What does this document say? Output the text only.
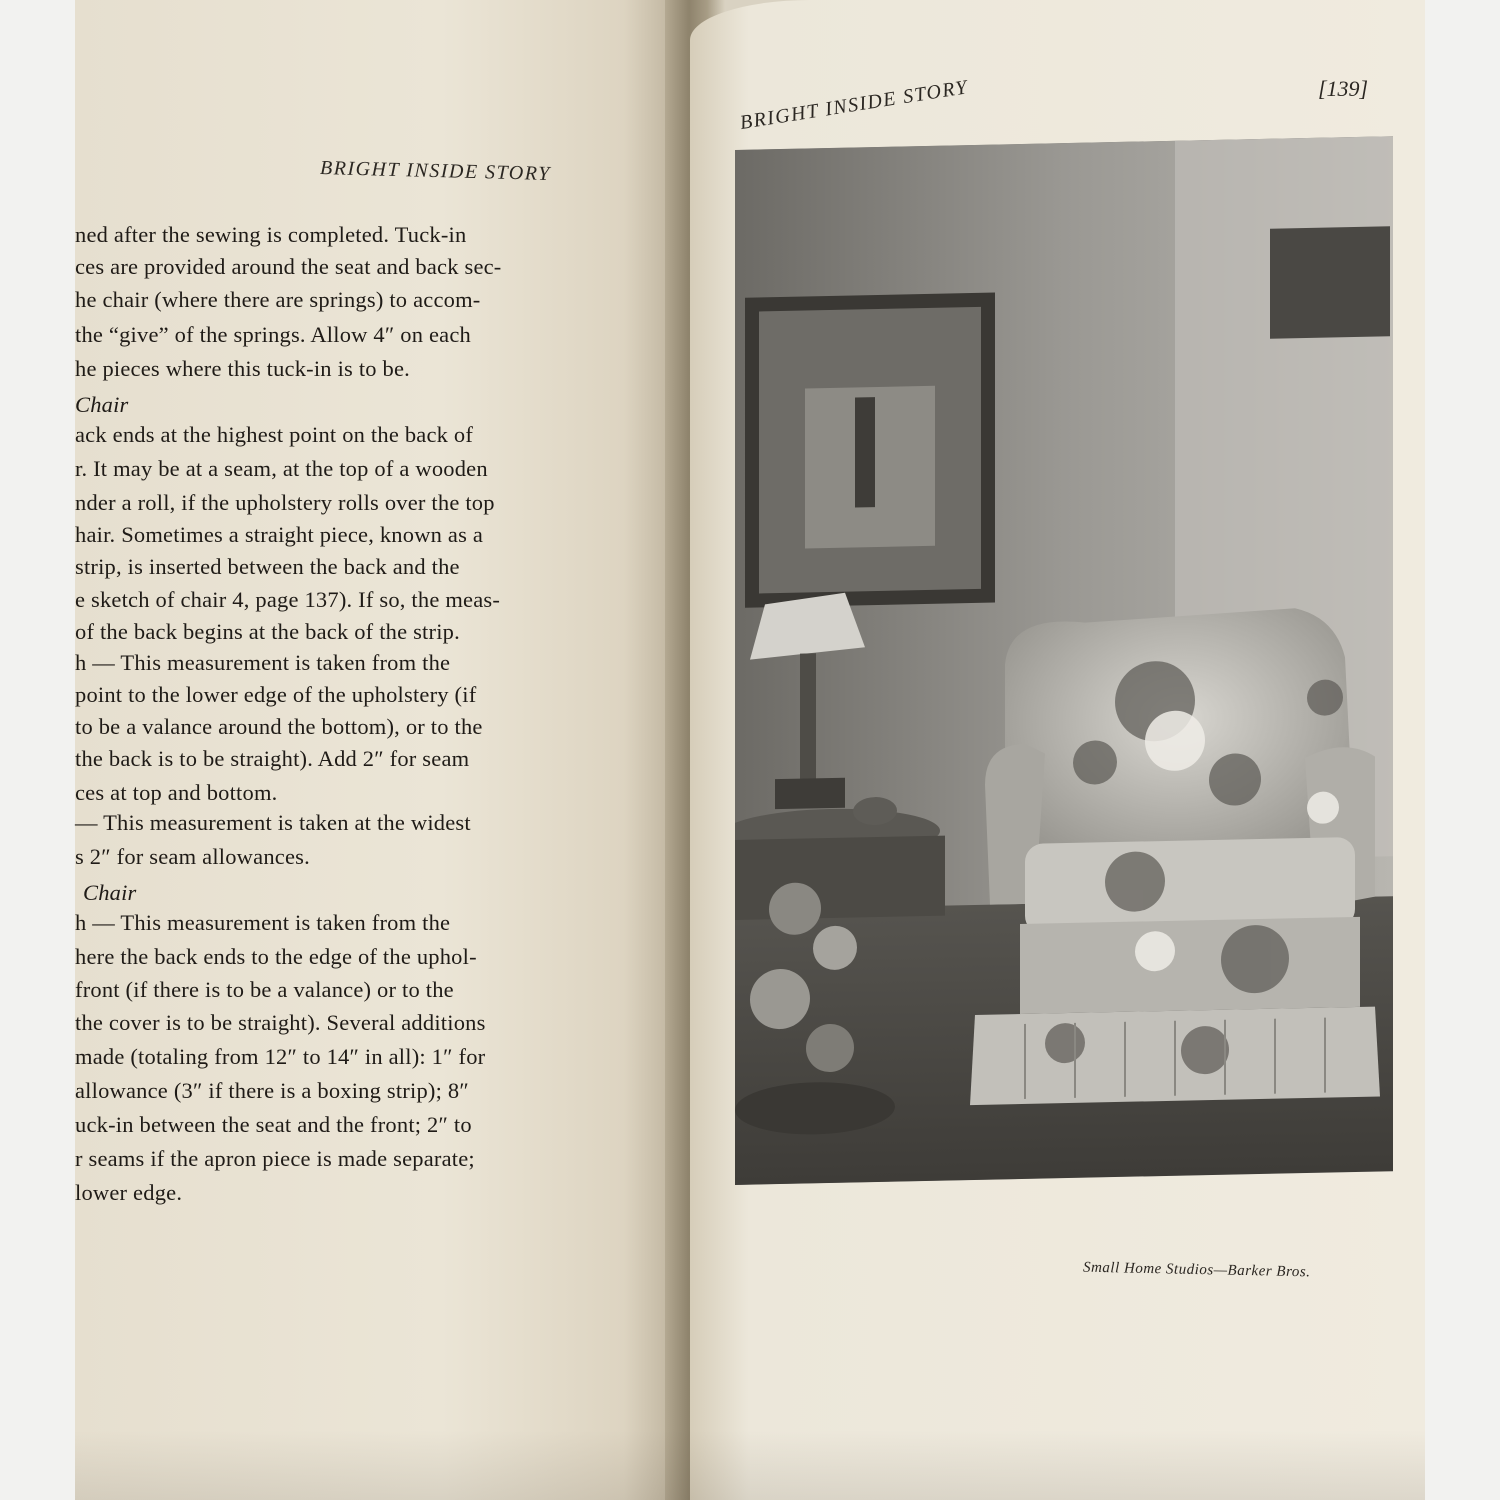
BRIGHT INSIDE STORY
ned after the sewing is completed. Tuck-in
ces are provided around the seat and back sec-
he chair (where there are springs) to accom-
the “give” of the springs. Allow 4″ on each
he pieces where this tuck-in is to be.
Chair
ack ends at the highest point on the back of
r. It may be at a seam, at the top of a wooden
nder a roll, if the upholstery rolls over the top
hair. Sometimes a straight piece, known as a
strip, is inserted between the back and the
e sketch of chair 4, page 137). If so, the meas-
of the back begins at the back of the strip.
h — This measurement is taken from the
point to the lower edge of the upholstery (if
to be a valance around the bottom), or to the
the back is to be straight). Add 2″ for seam
ces at top and bottom.
— This measurement is taken at the widest
s 2″ for seam allowances.
Chair
h — This measurement is taken from the
here the back ends to the edge of the uphol-
front (if there is to be a valance) or to the
the cover is to be straight). Several additions
made (totaling from 12″ to 14″ in all): 1″ for
allowance (3″ if there is a boxing strip); 8″
uck-in between the seat and the front; 2″ to
r seams if the apron piece is made separate;
lower edge.
BRIGHT INSIDE STORY	[139]
Small Home Studios—Barker Bros.
